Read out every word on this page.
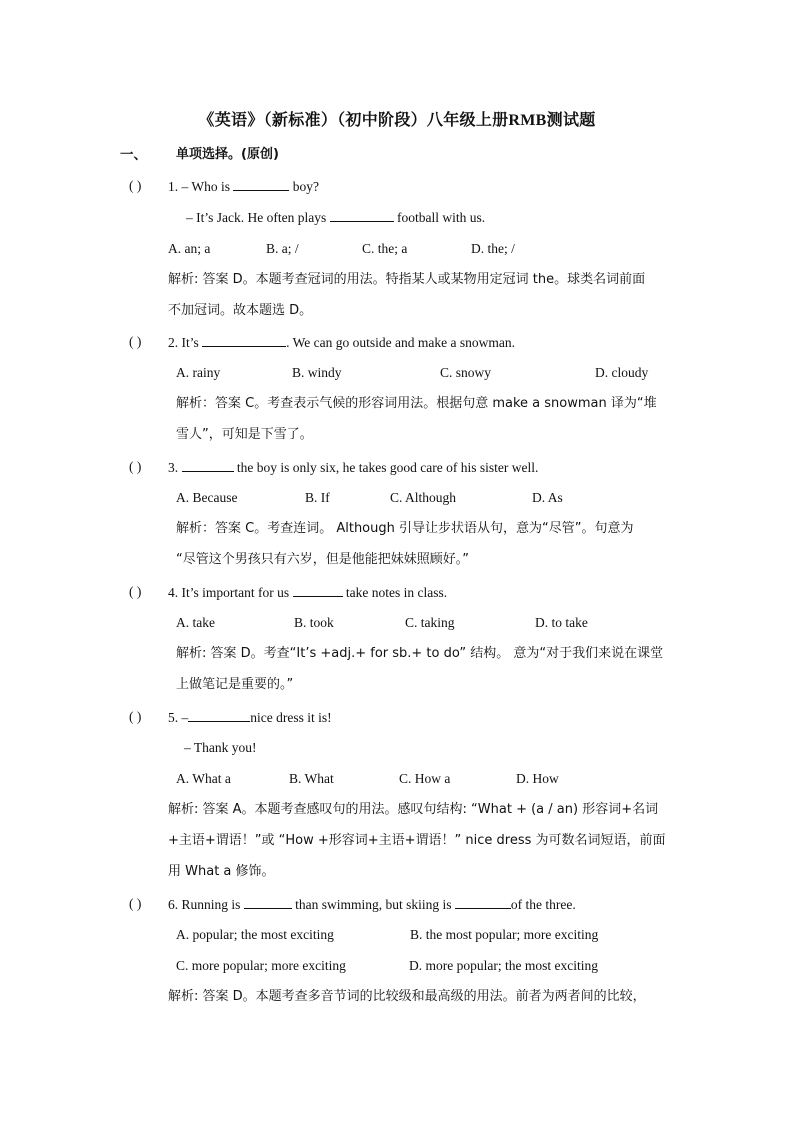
《英语》（新标准）（初中阶段）八年级上册RMB测试题
一、 单项选择。(原创)
( ) 1. – Who is	boy?
– It’s Jack. He often plays	football with us.
A. an; a	B. a; /	C. the; a	D. the; /
解析: 答案 D。本题考查冠词的用法。特指某人或某物用定冠词 the。球类名词前面
不加冠词。故本题选 D。
( ) 2. It’s	. We can go outside and make a snowman.
A. rainy	B. windy	C. snowy	D. cloudy
解析：答案 C。考查表示气候的形容词用法。根据句意 make a snowman 译为“堆
雪人”，可知是下雪了。
( ) 3.	the boy is only six, he takes good care of his sister well.
A. Because	B. If	C. Although	D. As
解析：答案 C。考查连词。 Although 引导让步状语从句，意为“尽管”。句意为
“尽管这个男孩只有六岁，但是他能把妹妹照顾好。”
( ) 4. It’s important for us	take notes in class.
A. take	B. took	C. taking	D. to take
解析: 答案 D。考查“It’s +adj.+ for sb.+ to do” 结构。 意为“对于我们来说在课堂
上做笔记是重要的。”
( ) 5. –	nice dress it is!
– Thank you!
A. What a	B. What	C. How a	D. How
解析: 答案 A。本题考查感叹句的用法。感叹句结构: “What + (a / an) 形容词+名词
+主语+谓语！”或 “How +形容词+主语+谓语！” nice dress 为可数名词短语，前面
用 What a 修饰。
( ) 6. Running is	than swimming, but skiing is	of the three.
A. popular; the most exciting	B. the most popular; more exciting
C. more popular; more exciting	D. more popular; the most exciting
解析: 答案 D。本题考查多音节词的比较级和最高级的用法。前者为两者间的比较，
